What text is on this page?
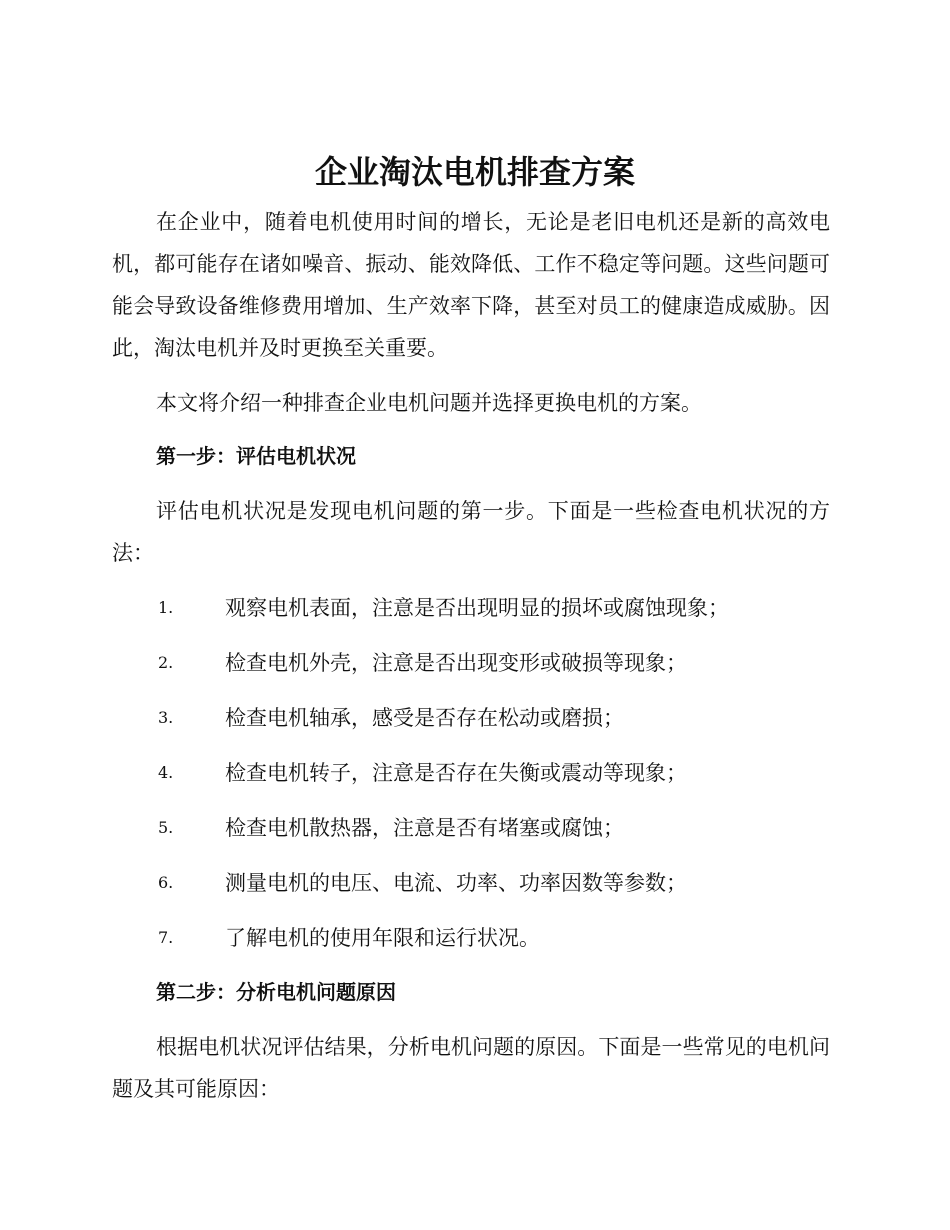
企业淘汰电机排查方案

在企业中，随着电机使用时间的增长，无论是老旧电机还是新的高效电机，都可能存在诸如噪音、振动、能效降低、工作不稳定等问题。这些问题可能会导致设备维修费用增加、生产效率下降，甚至对员工的健康造成威胁。因此，淘汰电机并及时更换至关重要。

本文将介绍一种排查企业电机问题并选择更换电机的方案。

第一步：评估电机状况

评估电机状况是发现电机问题的第一步。下面是一些检查电机状况的方法：

1. 观察电机表面，注意是否出现明显的损坏或腐蚀现象；
2. 检查电机外壳，注意是否出现变形或破损等现象；
3. 检查电机轴承，感受是否存在松动或磨损；
4. 检查电机转子，注意是否存在失衡或震动等现象；
5. 检查电机散热器，注意是否有堵塞或腐蚀；
6. 测量电机的电压、电流、功率、功率因数等参数；
7. 了解电机的使用年限和运行状况。
第二步：分析电机问题原因

根据电机状况评估结果，分析电机问题的原因。下面是一些常见的电机问题及其可能原因：
